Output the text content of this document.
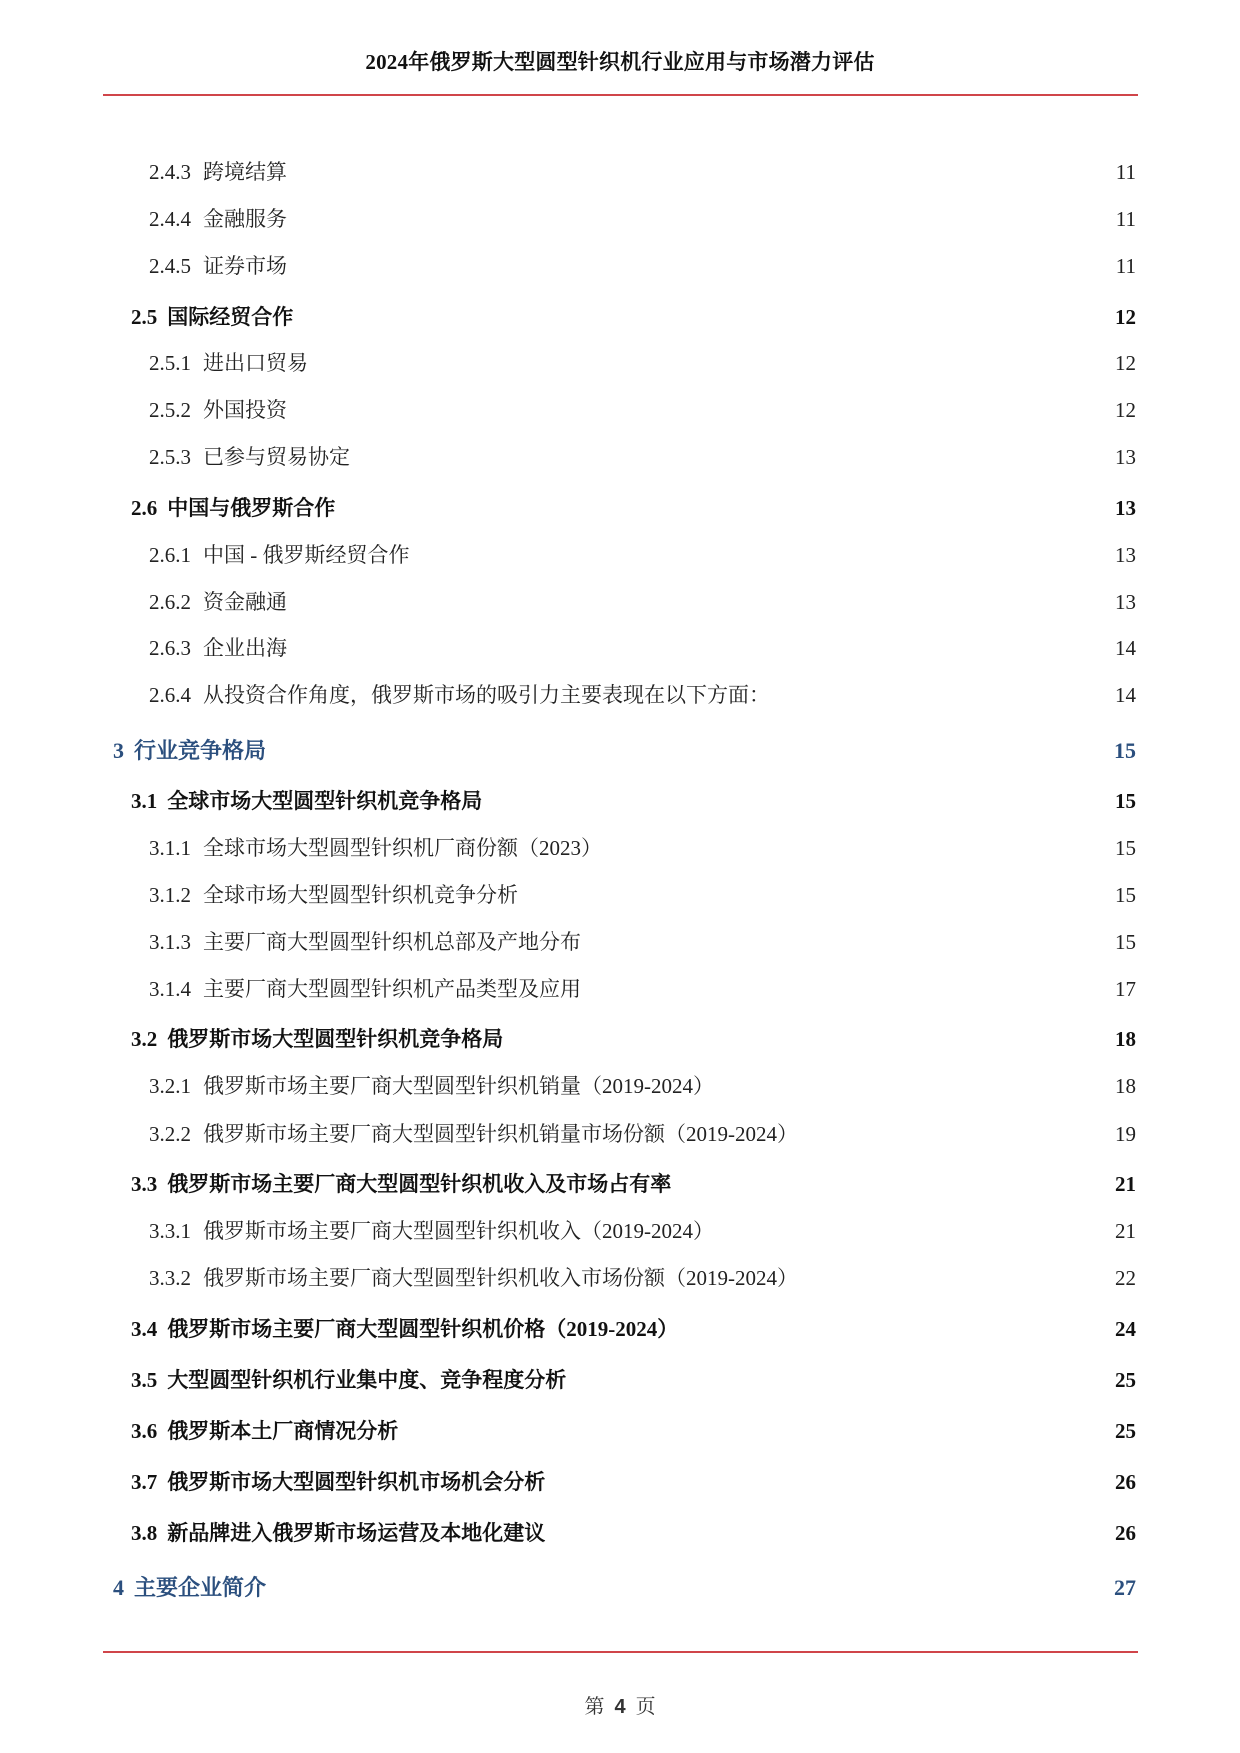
2024年俄罗斯大型圆型针织机行业应用与市场潜力评估
2.4.3 跨境结算	11
2.4.4 金融服务	11
2.4.5 证券市场	11
2.5 国际经贸合作	12
2.5.1 进出口贸易	12
2.5.2 外国投资	12
2.5.3 已参与贸易协定	13
2.6 中国与俄罗斯合作	13
2.6.1 中国 - 俄罗斯经贸合作	13
2.6.2 资金融通	13
2.6.3 企业出海	14
2.6.4 从投资合作角度，俄罗斯市场的吸引力主要表现在以下方面：	14
3 行业竞争格局	15
3.1 全球市场大型圆型针织机竞争格局	15
3.1.1 全球市场大型圆型针织机厂商份额（2023）	15
3.1.2 全球市场大型圆型针织机竞争分析	15
3.1.3 主要厂商大型圆型针织机总部及产地分布	15
3.1.4 主要厂商大型圆型针织机产品类型及应用	17
3.2 俄罗斯市场大型圆型针织机竞争格局	18
3.2.1 俄罗斯市场主要厂商大型圆型针织机销量（2019-2024）	18
3.2.2 俄罗斯市场主要厂商大型圆型针织机销量市场份额（2019-2024）	19
3.3 俄罗斯市场主要厂商大型圆型针织机收入及市场占有率	21
3.3.1 俄罗斯市场主要厂商大型圆型针织机收入（2019-2024）	21
3.3.2 俄罗斯市场主要厂商大型圆型针织机收入市场份额（2019-2024）	22
3.4 俄罗斯市场主要厂商大型圆型针织机价格（2019-2024）	24
3.5 大型圆型针织机行业集中度、竞争程度分析	25
3.6 俄罗斯本土厂商情况分析	25
3.7 俄罗斯市场大型圆型针织机市场机会分析	26
3.8 新品牌进入俄罗斯市场运营及本地化建议	26
4 主要企业简介	27
第 4 页
